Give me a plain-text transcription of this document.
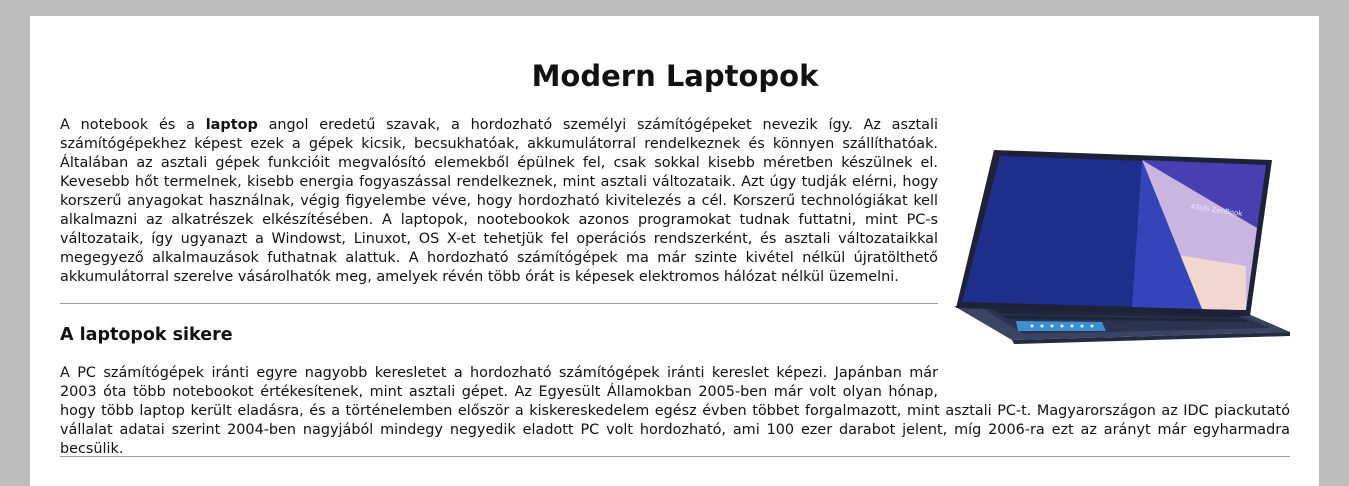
Modern Laptopok

A notebook és a laptop angol eredetű szavak, a hordozható személyi számítógépeket nevezik így. Az asztali számítógépekhez képest ezek a gépek kicsik, becsukhatóak, akkumulátorral rendelkeznek és könnyen szállíthatóak. Általában az asztali gépek funkcióit megvalósító elemekből épülnek fel, csak sokkal kisebb méretben készülnek el. Kevesebb hőt termelnek, kisebb energia fogyaszással rendelkeznek, mint asztali változataik. Azt úgy tudják elérni, hogy korszerű anyagokat használnak, végig figyelembe véve, hogy hordozható kivitelezés a cél. Korszerű technológiákat kell alkalmazni az alkatrészek elkészítésében. A laptopok, nootebookok azonos programokat tudnak futtatni, mint PC-s változataik, így ugyanazt a Windowst, Linuxot, OS X-et tehetjük fel operációs rendszerként, és asztali változataikkal megegyező alkalmauzások futhatnak alattuk. A hordozható számítógépek ma már szinte kivétel nélkül újratölthető akkumulátorral szerelve vásárolhatók meg, amelyek révén több órát is képesek elektromos hálózat nélkül üzemelni.

ASUS ZenBook
A laptopok sikere

A PC számítógépek iránti egyre nagyobb keresletet a hordozható számítógépek iránti kereslet képezi. Japánban már 2003 óta több notebookot értékesítenek, mint asztali gépet. Az Egyesült Államokban 2005-ben már volt olyan hónap, hogy több laptop került eladásra, és a történelemben először a kiskereskedelem egész évben többet forgalmazott, mint asztali PC-t. Magyarországon az IDC piackutató vállalat adatai szerint 2004-ben nagyjából mindegy negyedik eladott PC volt hordozható, ami 100 ezer darabot jelent, míg 2006-ra ezt az arányt már egyharmadra becsülik.
